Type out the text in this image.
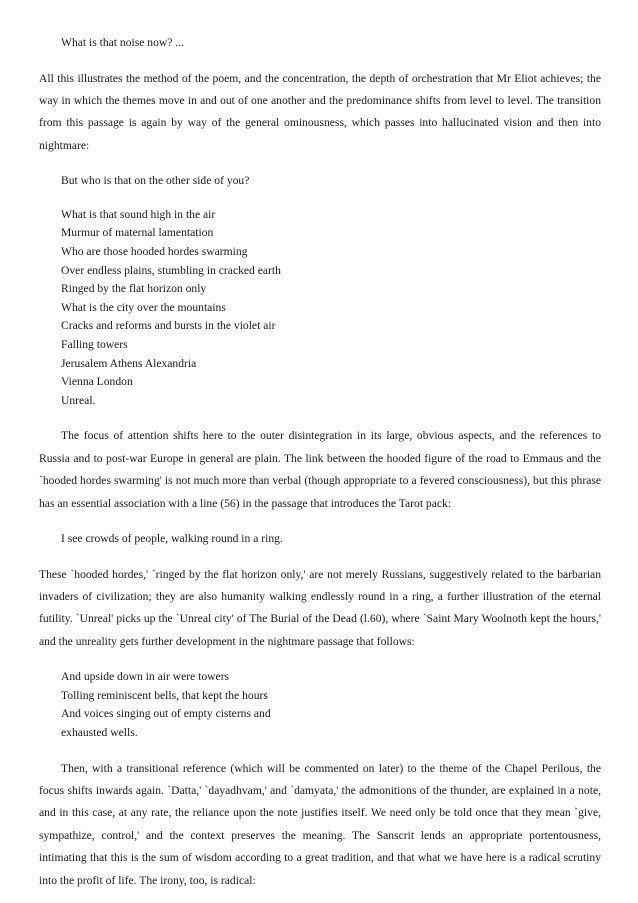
What is that noise now? ...

All this illustrates the method of the poem, and the concentration, the depth of orchestration that Mr Eliot achieves; the way in which the themes move in and out of one another and the predominance shifts from level to level. The transition from this passage is again by way of the general ominousness, which passes into hallucinated vision and then into nightmare:

But who is that on the other side of you?

What is that sound high in the air

Murmur of maternal lamentation

Who are those hooded hordes swarming

Over endless plains, stumbling in cracked earth

Ringed by the flat horizon only

What is the city over the mountains

Cracks and reforms and bursts in the violet air

Falling towers

Jerusalem Athens Alexandria

Vienna London

Unreal.

The focus of attention shifts here to the outer disintegration in its large, obvious aspects, and the references to Russia and to post-war Europe in general are plain. The link between the hooded figure of the road to Emmaus and the `hooded hordes swarming' is not much more than verbal (though appropriate to a fevered consciousness), but this phrase has an essential association with a line (56) in the passage that introduces the Tarot pack:

I see crowds of people, walking round in a ring.

These `hooded hordes,' `ringed by the flat horizon only,' are not merely Russians, suggestively related to the barbarian invaders of civilization; they are also humanity walking endlessly round in a ring, a further illustration of the eternal futility. `Unreal' picks up the `Unreal city' of The Burial of the Dead (l.60), where `Saint Mary Woolnoth kept the hours,' and the unreality gets further development in the nightmare passage that follows:

And upside down in air were towers

Tolling reminiscent bells, that kept the hours

And voices singing out of empty cisterns and

exhausted wells.

Then, with a transitional reference (which will be commented on later) to the theme of the Chapel Perilous, the focus shifts inwards again. `Datta,' `dayadhvam,' and `damyata,' the admonitions of the thunder, are explained in a note, and in this case, at any rate, the reliance upon the note justifies itself. We need only be told once that they mean `give, sympathize, control,' and the context preserves the meaning. The Sanscrit lends an appropriate portentousness, intimating that this is the sum of wisdom according to a great tradition, and that what we have here is a radical scrutiny into the profit of life. The irony, too, is radical:
